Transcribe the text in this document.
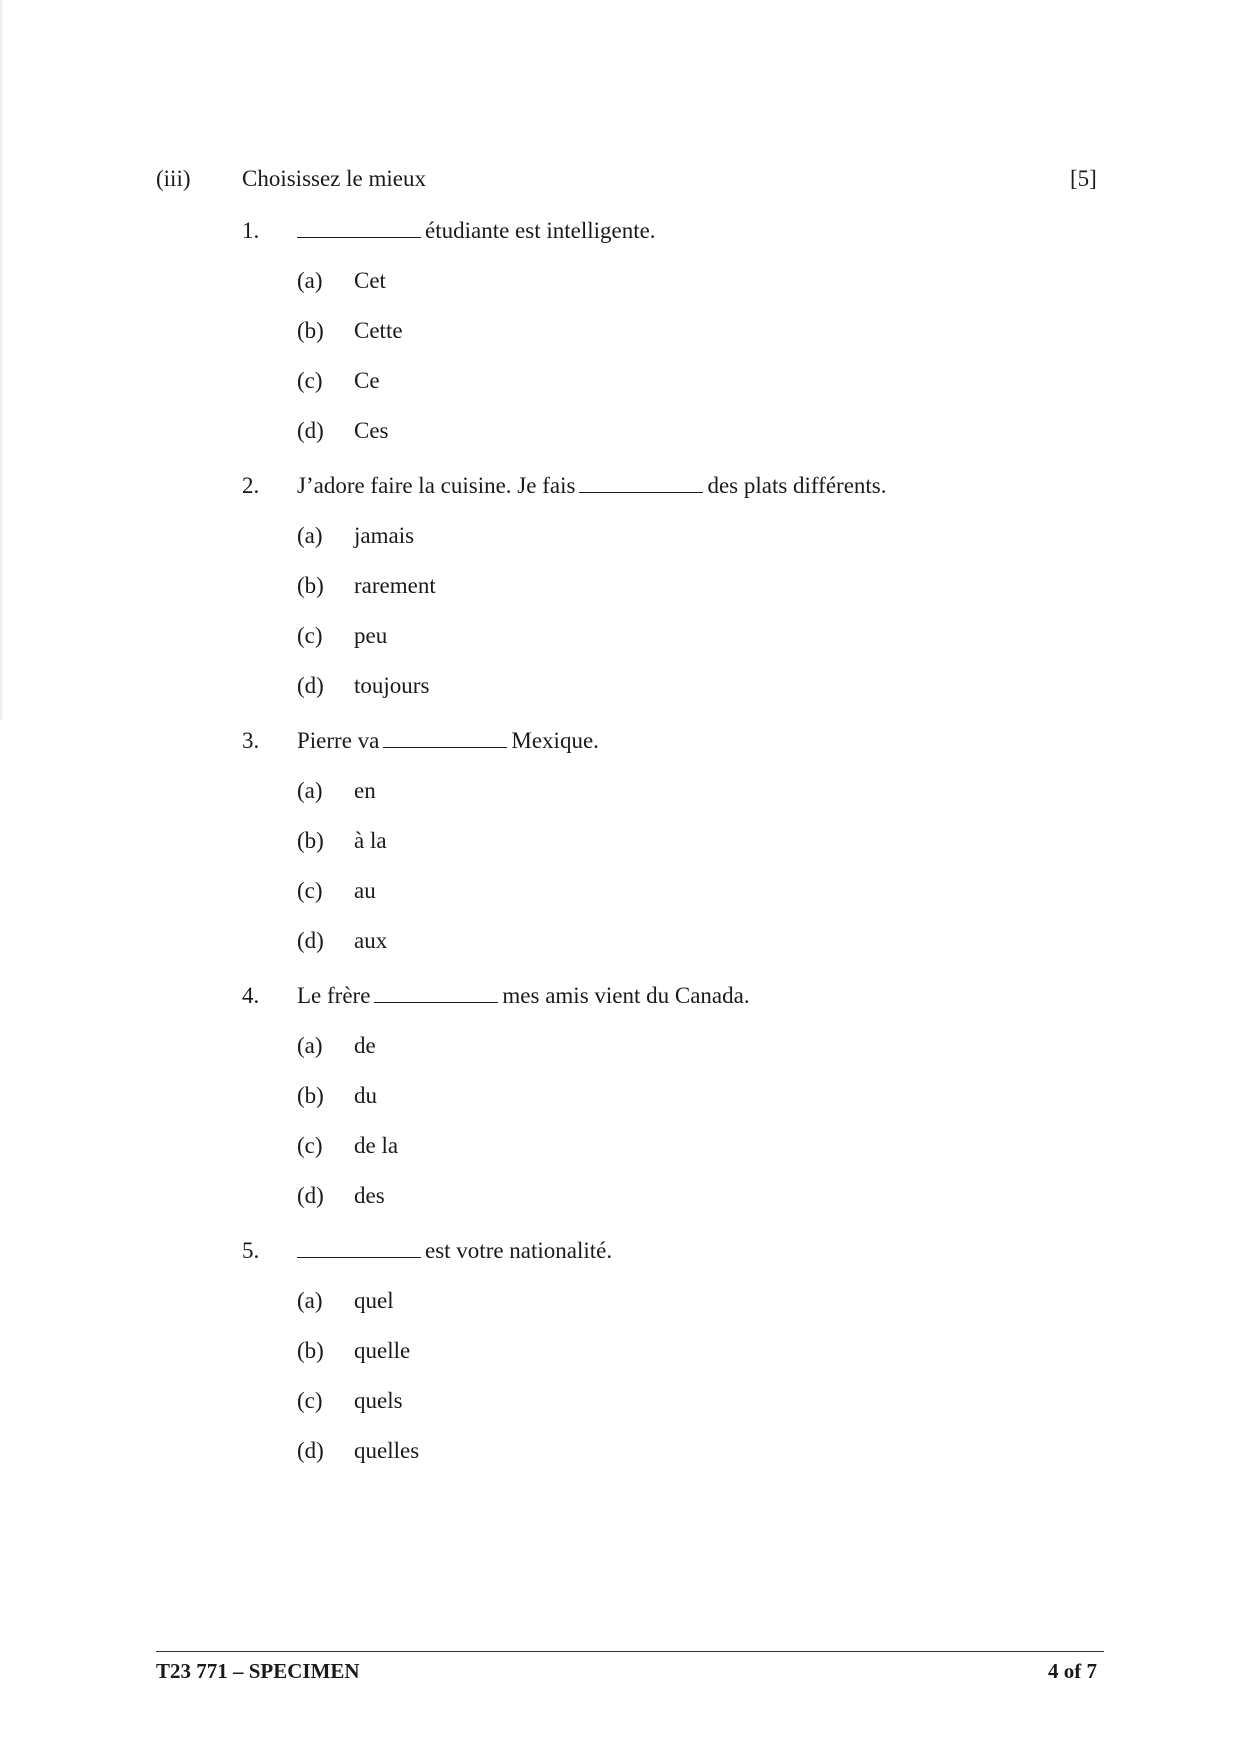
(iii) Choisissez le mieux	[5]
1.	étudiante est intelligente.
(a) Cet
(b) Cette
(c) Ce
(d) Ces
2. J’adore faire la cuisine. Je fais	des plats différents.
(a) jamais
(b) rarement
(c) peu
(d) toujours
3. Pierre va	Mexique.
(a) en
(b) à la
(c) au
(d) aux
4. Le frère	mes amis vient du Canada.
(a) de
(b) du
(c) de la
(d) des
5.	est votre nationalité.
(a) quel
(b) quelle
(c) quels
(d) quelles
T23 771 – SPECIMEN	4 of 7
